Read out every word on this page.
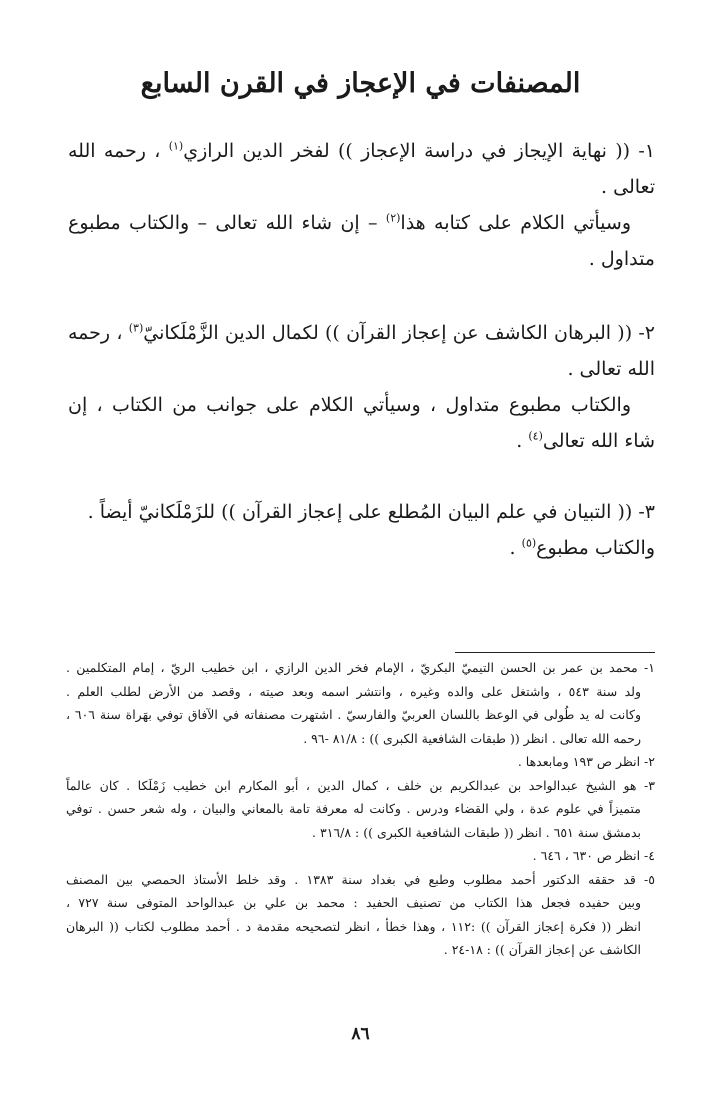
المصنفات في الإعجاز في القرن السابع
١- (( نهاية الإيجاز في دراسة الإعجاز )) لفخر الدين الرازي$^{(١)}$ ، رحمه الله
تعالى .
وسيأتي الكلام على كتابه هذا$^{(٢)}$ – إن شاء الله تعالى – والكتاب مطبوع
متداول .
٢- (( البرهان الكاشف عن إعجاز القرآن )) لكمال الدين الزَّمْلَكانيّ$^{(٣)}$ ، رحمه
الله تعالى .
والكتاب مطبوع متداول ، وسيأتي الكلام على جوانب من الكتاب ، إن
شاء الله تعالى$^{(٤)}$ .
٣- (( التبيان في علم البيان المُطلع على إعجاز القرآن )) للزَمْلَكانيّ أيضاً .
والكتاب مطبوع$^{(٥)}$ .
١- محمد بن عمر بن الحسن التيميّ البكريّ ، الإمام فخر الدين الرازي ، ابن خطيب الريّ ، إمام المتكلمين .
ولد سنة ٥٤٣ ، واشتغل على والده وغيره ، وانتشر اسمه وبعد صيته ، وقصد من الأرض لطلب العلم .
وكانت له يد طُولى في الوعظ باللسان العربيّ والفارسيّ . اشتهرت مصنفاته في الآفاق توفي بهَراة سنة ٦٠٦ ،
رحمه الله تعالى . انظر (( طبقات الشافعية الكبرى )) : ٨١/٨ -٩٦ .
٢- انظر ص ١٩٣ ومابعدها .
٣- هو الشيخ عبدالواحد بن عبدالكريم بن خلف ، كمال الدين ، أبو المكارم ابن خطيب زَمْلَكا . كان عالماً
متميزاً في علوم عدة ، ولي القضاء ودرس . وكانت له معرفة تامة بالمعاني والبيان ، وله شعر حسن . توفي
بدمشق سنة ٦٥١ . انظر (( طبقات الشافعية الكبرى )) : ٣١٦/٨ .
٤- انظر ص ٦٣٠ ، ٦٤٦ .
٥- قد حققه الدكتور أحمد مطلوب وطبع في بغداد سنة ١٣٨٣ . وقد خلط الأستاذ الحمصي بين المصنف
وبين حفيده فجعل هذا الكتاب من تصنيف الحفيد : محمد بن علي بن عبدالواحد المتوفى سنة ٧٢٧ ،
انظر (( فكرة إعجاز القرآن )) :١١٢ ، وهذا خطأ ، انظر لتصحيحه مقدمة د . أحمد مطلوب لكتاب (( البرهان
الكاشف عن إعجاز القرآن )) : ١٨-٢٤ .
٨٦
